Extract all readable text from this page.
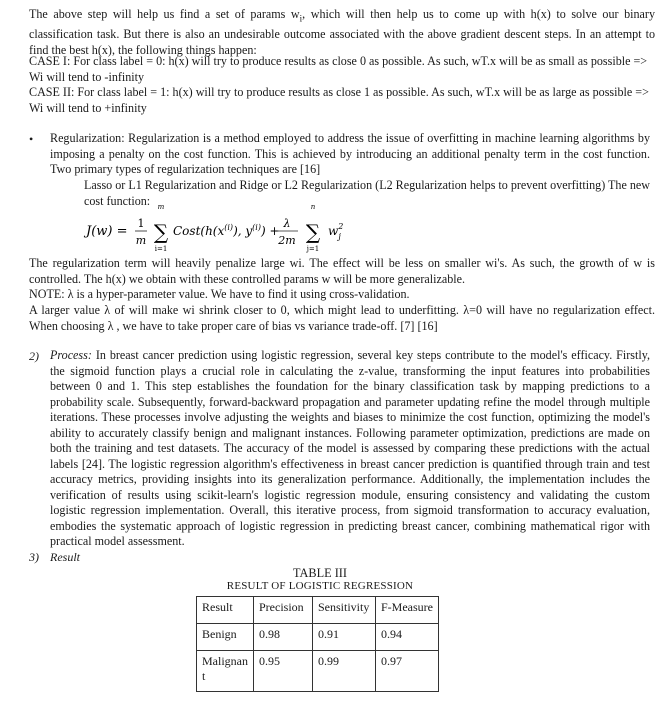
The above step will help us find a set of params $w_i$, which will then help us to come up with h(x) to solve our binary classification task. But there is also an undesirable outcome associated with the above gradient descent steps. In an attempt to find the best h(x), the following things happen:
CASE I: For class label = 0: h(x) will try to produce results as close 0 as possible. As such, wT.x will be as small as possible => Wi will tend to -infinity
CASE II: For class label = 1: h(x) will try to produce results as close 1 as possible. As such, wT.x will be as large as possible => Wi will tend to +infinity
• Regularization: Regularization is a method employed to address the issue of overfitting in machine learning algorithms by imposing a penalty on the cost function. This is achieved by introducing an additional penalty term in the cost function. Two primary types of regularization techniques are [16]
Lasso or L1 Regularization and Ridge or L2 Regularization (L2 Regularization helps to prevent overfitting) The new cost function:
J(w) =
1
m
m
∑
i=1
$Cost(h(x^{(i)})$, $y^{(i)}$) +
λ
2m
n
∑
j=1
$w^2$ j
The regularization term will heavily penalize large wi. The effect will be less on smaller wi's. As such, the growth of w is controlled. The h(x) we obtain with these controlled params w will be more generalizable.
NOTE: λ is a hyper-parameter value. We have to find it using cross-validation.
A larger value λ of will make wi shrink closer to 0, which might lead to underfitting. λ=0 will have no regularization effect. When choosing λ , we have to take proper care of bias vs variance trade-off. [7] [16]
2) Process: In breast cancer prediction using logistic regression, several key steps contribute to the model's efficacy. Firstly, the sigmoid function plays a crucial role in calculating the z-value, transforming the input features into probabilities between 0 and 1. This step establishes the foundation for the binary classification task by mapping predictions to a probability scale. Subsequently, forward-backward propagation and parameter updating refine the model through multiple iterations. These processes involve adjusting the weights and biases to minimize the cost function, optimizing the model's ability to accurately classify benign and malignant instances. Following parameter optimization, predictions are made on both the training and test datasets. The accuracy of the model is assessed by comparing these predictions with the actual labels [24]. The logistic regression algorithm's effectiveness in breast cancer prediction is quantified through train and test accuracy metrics, providing insights into its generalization performance. Additionally, the implementation includes the verification of results using scikit-learn's logistic regression module, ensuring consistency and validating the custom logistic regression implementation. Overall, this iterative process, from sigmoid transformation to accuracy evaluation, embodies the systematic approach of logistic regression in predicting breast cancer, combining mathematical rigor with practical model assessment.
3) Result
TABLE III
RESULT OF LOGISTIC REGRESSION
Result	Precision	Sensitivity	F-Measure
Benign	0.98	0.91	0.94
Malignan t	0.95	0.99	0.97
